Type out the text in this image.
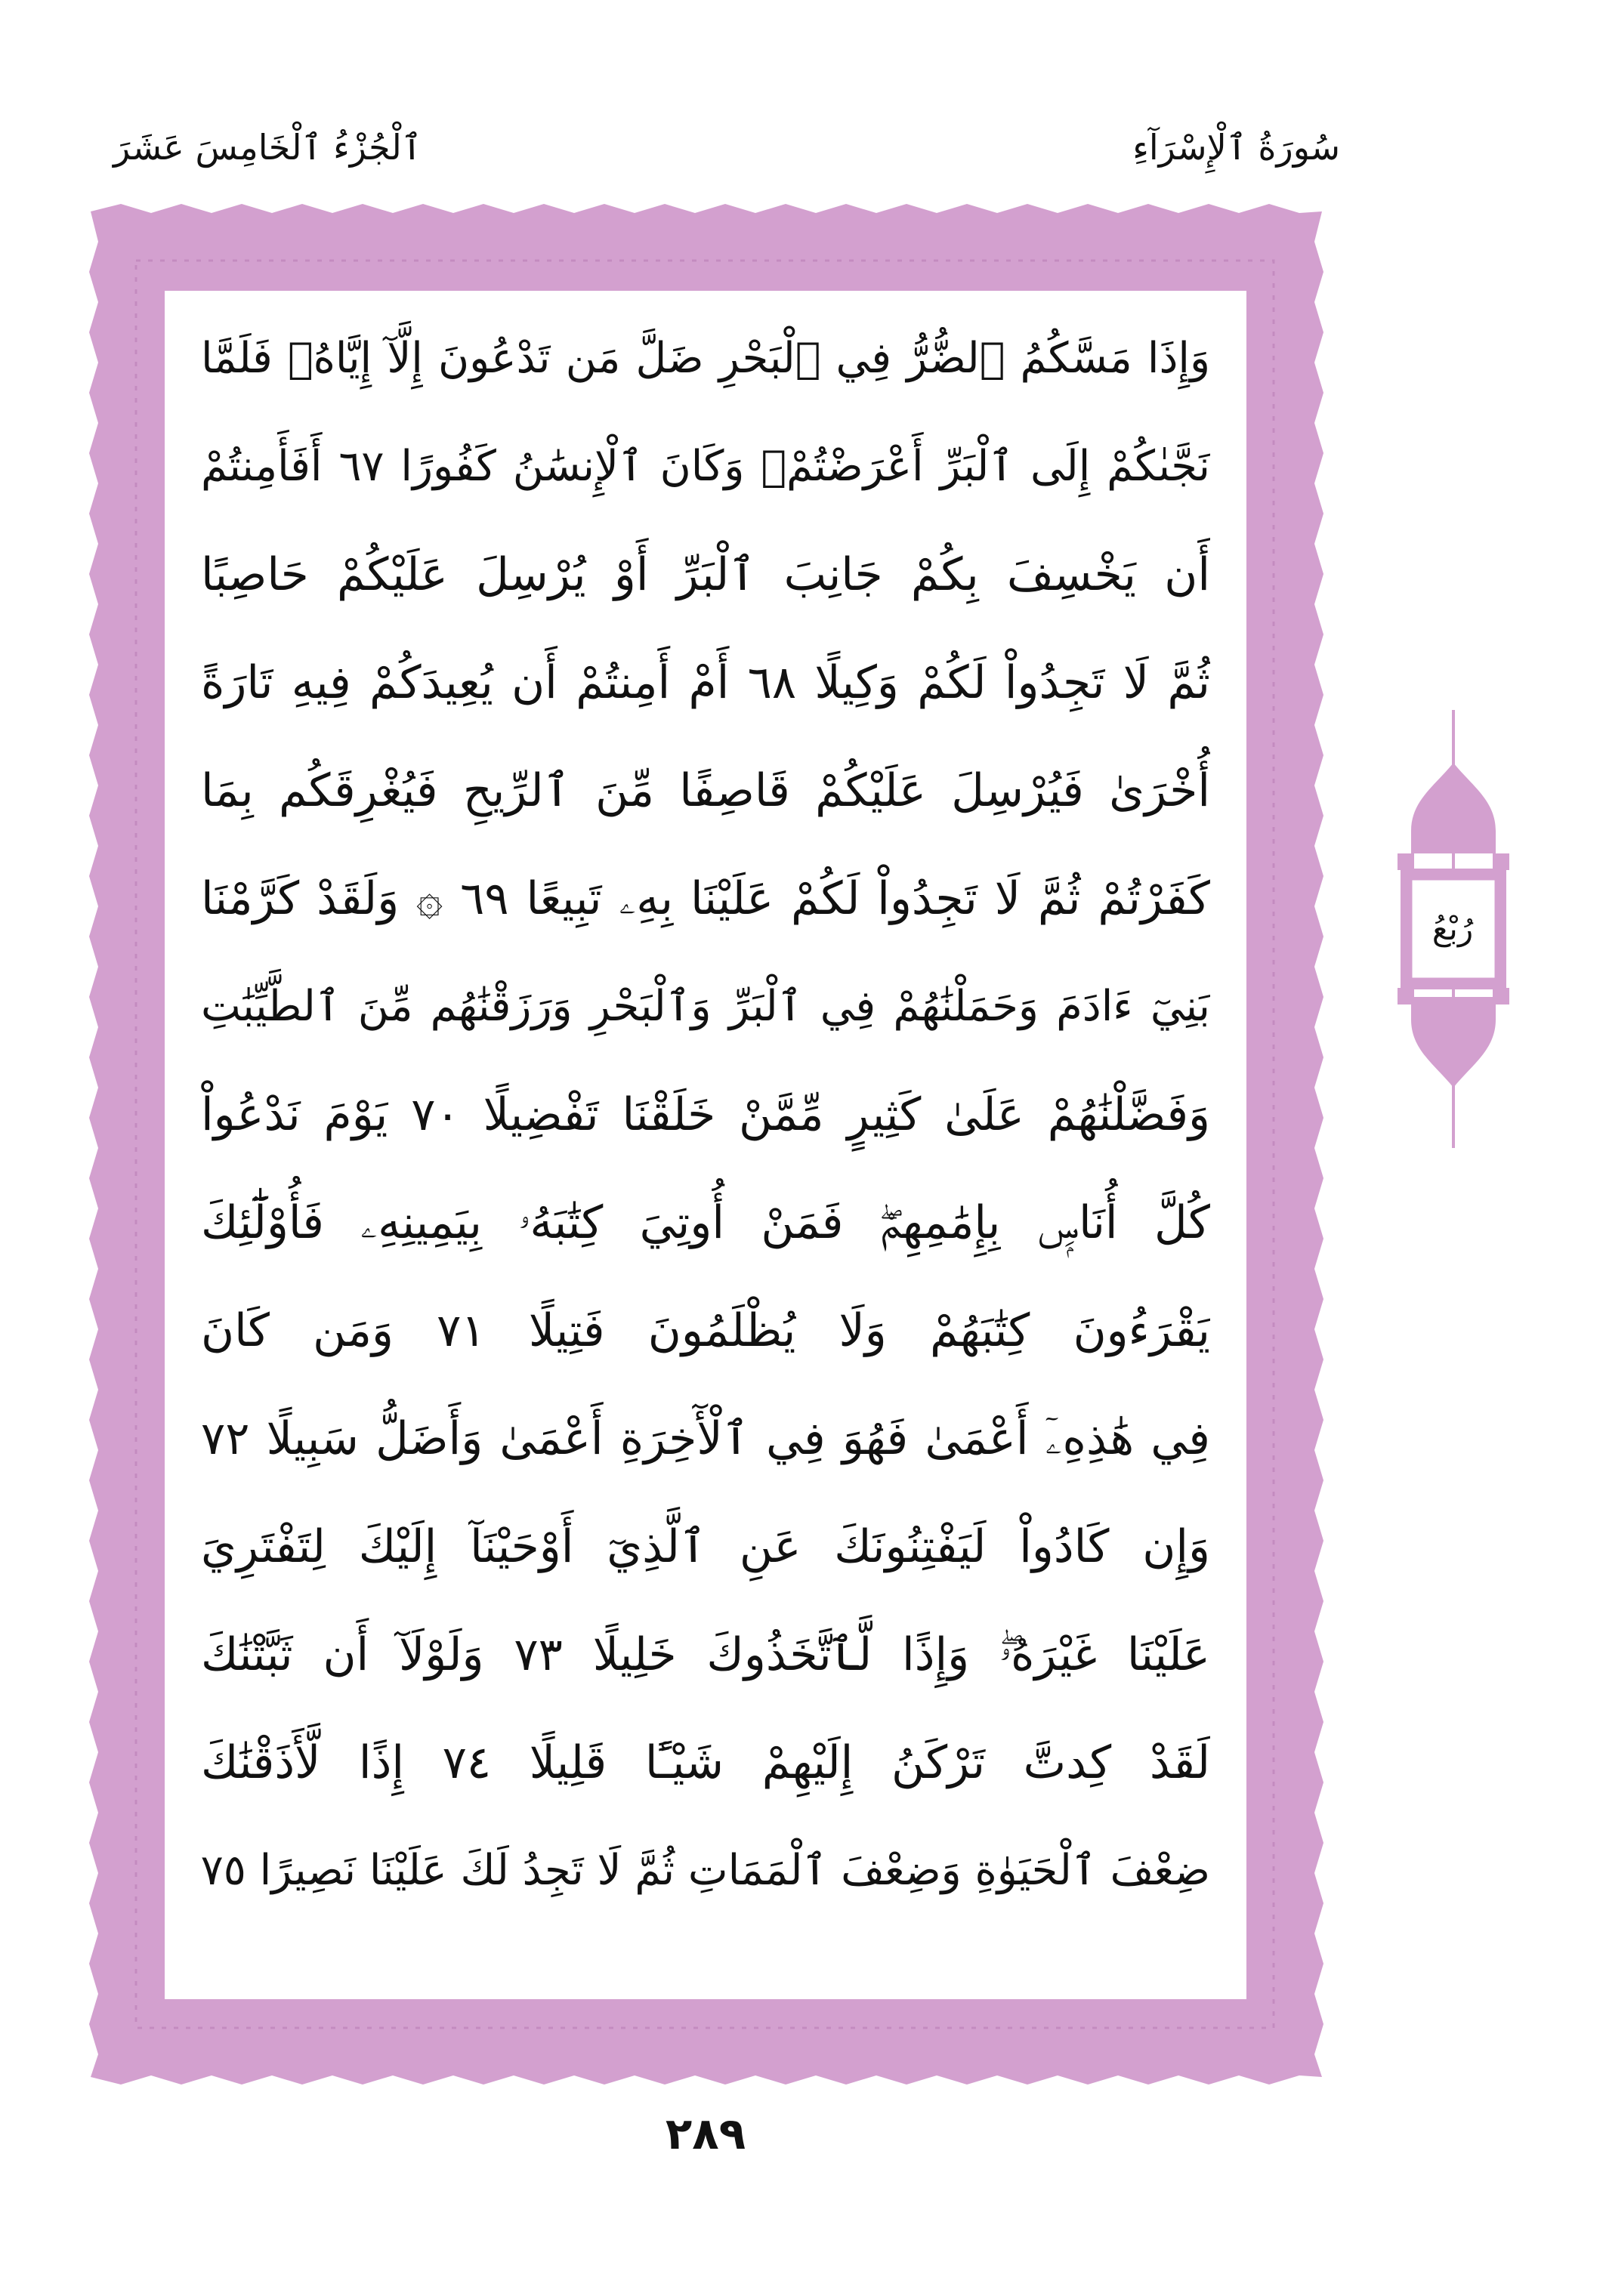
سُورَةُ ٱلْإِسْرَآءِ
ٱلْجُزْءُ ٱلْخَامِسَ عَشَرَ
وَإِذَا مَسَّكُمُ ٱلضُّرُّ فِي ٱلْبَحْرِ ضَلَّ مَن تَدْعُونَ إِلَّآ إِيَّاهُۖ فَلَمَّا
نَجَّىٰكُمْ إِلَى ٱلْبَرِّ أَعْرَضْتُمْۚ وَكَانَ ٱلْإِنسَٰنُ كَفُورًا ٦٧ أَفَأَمِنتُمْ
أَن يَخْسِفَ بِكُمْ جَانِبَ ٱلْبَرِّ أَوْ يُرْسِلَ عَلَيْكُمْ حَاصِبًا
ثُمَّ لَا تَجِدُواْ لَكُمْ وَكِيلًا ٦٨ أَمْ أَمِنتُمْ أَن يُعِيدَكُمْ فِيهِ تَارَةً
أُخْرَىٰ فَيُرْسِلَ عَلَيْكُمْ قَاصِفًا مِّنَ ٱلرِّيحِ فَيُغْرِقَكُم بِمَا
كَفَرْتُمْ ثُمَّ لَا تَجِدُواْ لَكُمْ عَلَيْنَا بِهِۦ تَبِيعًا ٦٩ ۞ وَلَقَدْ كَرَّمْنَا
بَنِيٓ ءَادَمَ وَحَمَلْنَٰهُمْ فِي ٱلْبَرِّ وَٱلْبَحْرِ وَرَزَقْنَٰهُم مِّنَ ٱلطَّيِّبَٰتِ
وَفَضَّلْنَٰهُمْ عَلَىٰ كَثِيرٍ مِّمَّنْ خَلَقْنَا تَفْضِيلًا ٧٠ يَوْمَ نَدْعُواْ
كُلَّ أُنَاسِۭ بِإِمَٰمِهِمْۖ فَمَنْ أُوتِيَ كِتَٰبَهُۥ بِيَمِينِهِۦ فَأُوْلَٰٓئِكَ
يَقْرَءُونَ كِتَٰبَهُمْ وَلَا يُظْلَمُونَ فَتِيلًا ٧١ وَمَن كَانَ
فِي هَٰذِهِۦٓ أَعْمَىٰ فَهُوَ فِي ٱلْأٓخِرَةِ أَعْمَىٰ وَأَضَلُّ سَبِيلًا ٧٢
وَإِن كَادُواْ لَيَفْتِنُونَكَ عَنِ ٱلَّذِيٓ أَوْحَيْنَآ إِلَيْكَ لِتَفْتَرِيَ
عَلَيْنَا غَيْرَهُۥۖ وَإِذًا لَّٱتَّخَذُوكَ خَلِيلًا ٧٣ وَلَوْلَآ أَن ثَبَّتْنَٰكَ
لَقَدْ كِدتَّ تَرْكَنُ إِلَيْهِمْ شَيْـًٔا قَلِيلًا ٧٤ إِذًا لَّأَذَقْنَٰكَ
ضِعْفَ ٱلْحَيَوٰةِ وَضِعْفَ ٱلْمَمَاتِ ثُمَّ لَا تَجِدُ لَكَ عَلَيْنَا نَصِيرًا ٧٥
رُبْعُ
٢٨٩
